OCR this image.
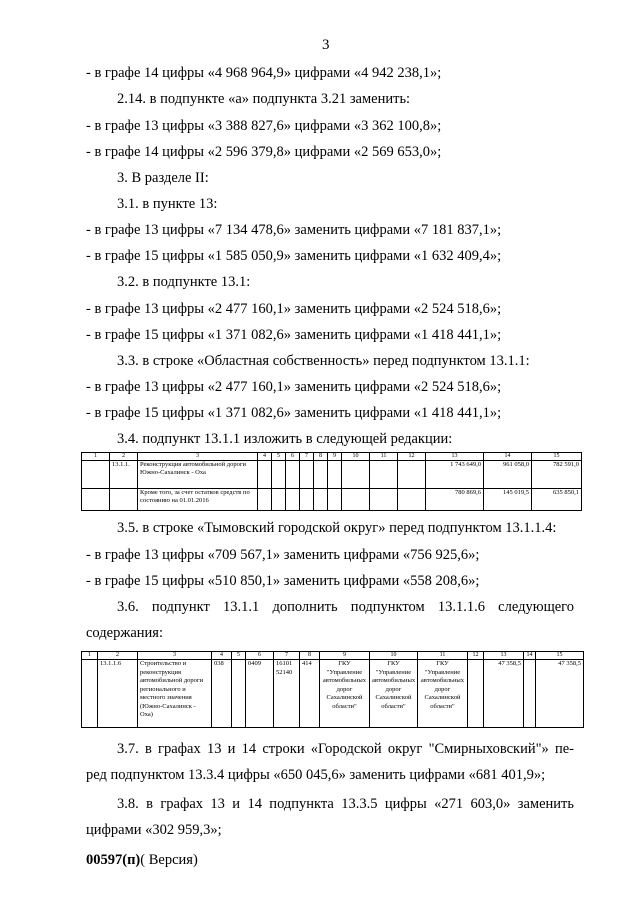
3
- в графе 14 цифры «4 968 964,9» цифрами «4 942 238,1»;
2.14. в подпункте «а» подпункта 3.21 заменить:
- в графе 13 цифры «3 388 827,6» цифрами «3 362 100,8»;
- в графе 14 цифры «2 596 379,8» цифрами «2 569 653,0»;
3. В разделе II:
3.1. в пункте 13:
- в графе 13 цифры «7 134 478,6» заменить цифрами «7 181 837,1»;
- в графе 15 цифры «1 585 050,9» заменить цифрами «1 632 409,4»;
3.2. в подпункте 13.1:
- в графе 13 цифры «2 477 160,1» заменить цифрами «2 524 518,6»;
- в графе 15 цифры «1 371 082,6» заменить цифрами «1 418 441,1»;
3.3. в строке «Областная собственность» перед подпунктом 13.1.1:
- в графе 13 цифры «2 477 160,1» заменить цифрами «2 524 518,6»;
- в графе 15 цифры «1 371 082,6» заменить цифрами «1 418 441,1»;
3.4. подпункт 13.1.1 изложить в следующей редакции:
1	2	3	4	5	6	7	8	9	10	11	12	13	14	15
	13.1.1.	Реконструкция автомобильной дороги Южно-Сахалинск - Оха										1 743 649,0	961 058,0	782 591,0
		Кроме того, за счет остатков средств по состоянию на 01.01.2016										780 869,6	145 019,5	635 850,1
3.5. в строке «Тымовский городской округ» перед подпунктом 13.1.1.4:
- в графе 13 цифры «709 567,1» заменить цифрами «756 925,6»;
- в графе 15 цифры «510 850,1» заменить цифрами «558 208,6»;
3.6. подпункт 13.1.1 дополнить подпунктом 13.1.1.6 следующего
содержания:
1	2	3	4	5	6	7	8	9	10	11	12	13	14	15
	13.1.1.6	Строительство и реконструкция автомобильной дороги регионального и местного значения (Южно-Сахалинск - Оха)	038		0409	16101 52140	414	ГКУ "Управление автомобильных дорог Сахалинской области"	ГКУ "Управление автомобильных дорог Сахалинской области"	ГКУ "Управление автомобильных дорог Сахалинской области"		47 358,5		47 358,5
3.7. в графах 13 и 14 строки «Городской округ "Смирныховский"» пе-
ред подпунктом 13.3.4 цифры «650 045,6» заменить цифрами «681 401,9»;
3.8. в графах 13 и 14 подпункта 13.3.5 цифры «271 603,0» заменить
цифрами «302 959,3»;
00597(п)( Версия)
